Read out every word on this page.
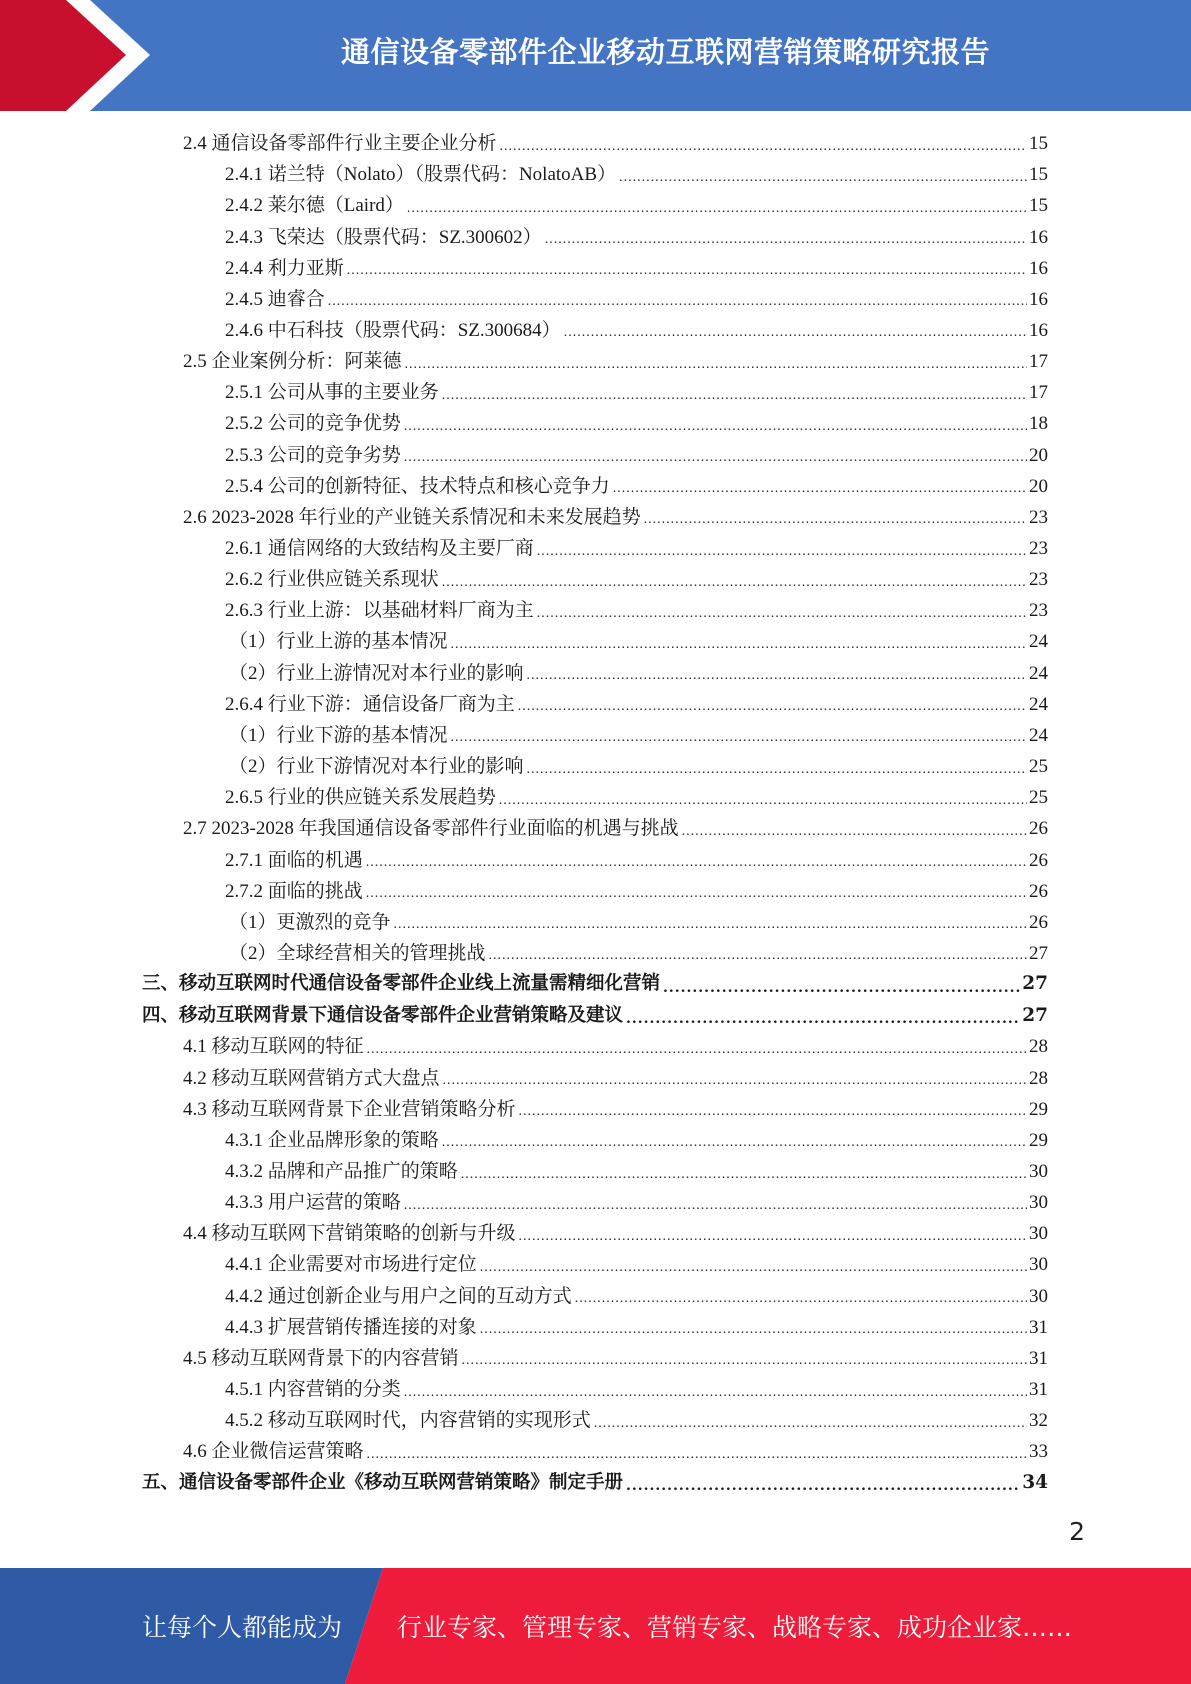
通信设备零部件企业移动互联网营销策略研究报告
2.4 通信设备零部件行业主要企业分析 .....	15
2.4.1 诺兰特（Nolato）（股票代码：NolatoAB） .....	15
2.4.2 莱尔德（Laird） .....	15
2.4.3 飞荣达（股票代码：SZ.300602） .....	16
2.4.4 利力亚斯 .....	16
2.4.5 迪睿合 .....	16
2.4.6 中石科技（股票代码：SZ.300684） .....	16
2.5 企业案例分析：阿莱德 .....	17
2.5.1 公司从事的主要业务 .....	17
2.5.2 公司的竞争优势 .....	18
2.5.3 公司的竞争劣势 .....	20
2.5.4 公司的创新特征、技术特点和核心竞争力 .....	20
2.6 2023-2028 年行业的产业链关系情况和未来发展趋势 .....	23
2.6.1 通信网络的大致结构及主要厂商 .....	23
2.6.2 行业供应链关系现状 .....	23
2.6.3 行业上游：以基础材料厂商为主 .....	23
（1）行业上游的基本情况 .....	24
（2）行业上游情况对本行业的影响 .....	24
2.6.4 行业下游：通信设备厂商为主 .....	24
（1）行业下游的基本情况 .....	24
（2）行业下游情况对本行业的影响 .....	25
2.6.5 行业的供应链关系发展趋势 .....	25
2.7 2023-2028 年我国通信设备零部件行业面临的机遇与挑战 .....	26
2.7.1 面临的机遇 .....	26
2.7.2 面临的挑战 .....	26
（1）更激烈的竞争 .....	26
（2）全球经营相关的管理挑战 .....	27
三、移动互联网时代通信设备零部件企业线上流量需精细化营销 .....	27
四、移动互联网背景下通信设备零部件企业营销策略及建议 .....	27
4.1 移动互联网的特征 .....	28
4.2 移动互联网营销方式大盘点 .....	28
4.3 移动互联网背景下企业营销策略分析 .....	29
4.3.1 企业品牌形象的策略 .....	29
4.3.2 品牌和产品推广的策略 .....	30
4.3.3 用户运营的策略 .....	30
4.4 移动互联网下营销策略的创新与升级 .....	30
4.4.1 企业需要对市场进行定位 .....	30
4.4.2 通过创新企业与用户之间的互动方式 .....	30
4.4.3 扩展营销传播连接的对象 .....	31
4.5 移动互联网背景下的内容营销 .....	31
4.5.1 内容营销的分类 .....	31
4.5.2 移动互联网时代，内容营销的实现形式 .....	32
4.6 企业微信运营策略 .....	33
五、通信设备零部件企业《移动互联网营销策略》制定手册 .....	34
2
让每个人都能成为 行业专家、管理专家、营销专家、战略专家、成功企业家……
